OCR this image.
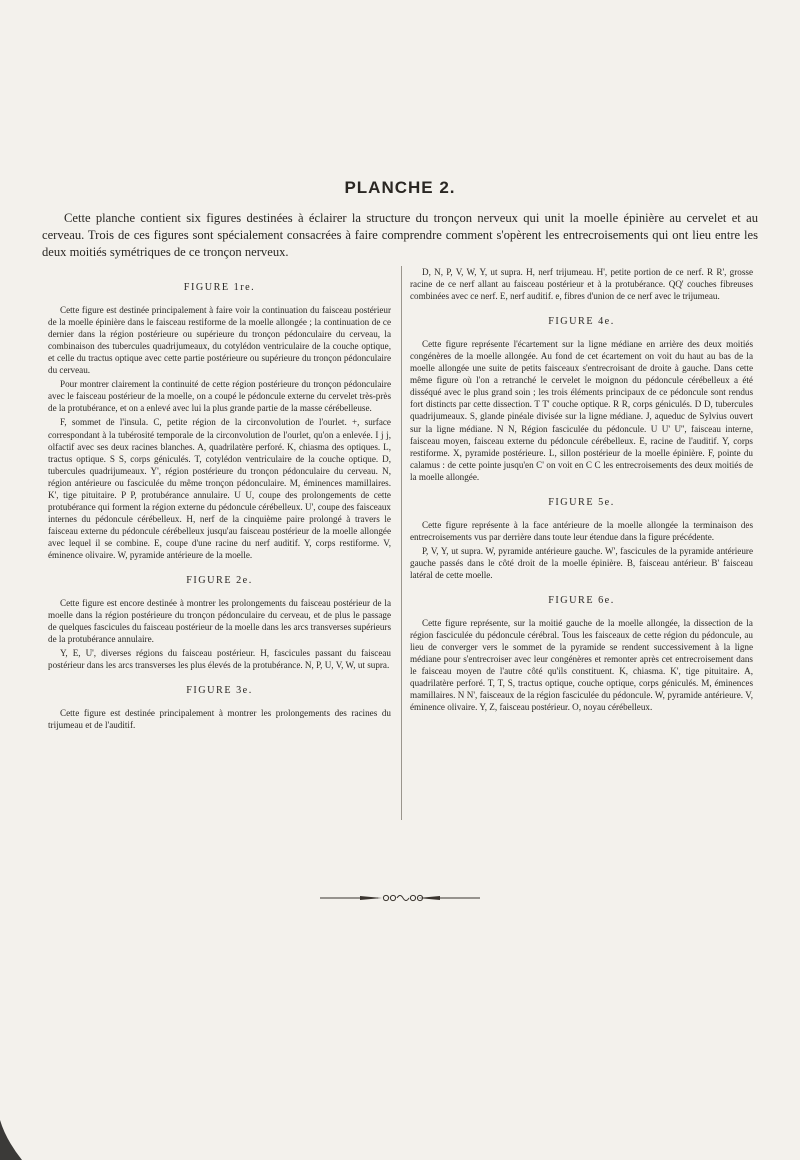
PLANCHE 2.
Cette planche contient six figures destinées à éclairer la structure du tronçon nerveux qui unit la moelle épinière au cervelet et au cerveau. Trois de ces figures sont spécialement consacrées à faire comprendre comment s'opèrent les entrecroisements qui ont lieu entre les deux moitiés symétriques de ce tronçon nerveux.
FIGURE 1re.

Cette figure est destinée principalement à faire voir la continuation du faisceau postérieur de la moelle épinière dans le faisceau restiforme de la moelle allongée ; la continuation de ce dernier dans la région postérieure ou supérieure du tronçon pédonculaire du cerveau, la combinaison des tubercules quadrijumeaux, du cotylédon ventriculaire de la couche optique, et celle du tractus optique avec cette partie postérieure ou supérieure du tronçon pédonculaire du cerveau.

Pour montrer clairement la continuité de cette région postérieure du tronçon pédonculaire avec le faisceau postérieur de la moelle, on a coupé le pédoncule externe du cervelet très-près de la protubérance, et on a enlevé avec lui la plus grande partie de la masse cérébelleuse.

F, sommet de l'insula. C, petite région de la circonvolution de l'ourlet. +, surface correspondant à la tubérosité temporale de la circonvolution de l'ourlet, qu'on a enlevée. I j j, olfactif avec ses deux racines blanches. A, quadrilatère perforé. K, chiasma des optiques. L, tractus optique. S S, corps géniculés. T, cotylédon ventriculaire de la couche optique. D, tubercules quadrijumeaux. Y', région postérieure du tronçon pédonculaire du cerveau. N, région antérieure ou fasciculée du même tronçon pédonculaire. M, éminences mamillaires. K', tige pituitaire. P P, protubérance annulaire. U U, coupe des prolongements de cette protubérance qui forment la région externe du pédoncule cérébelleux. U', coupe des faisceaux internes du pédoncule cérébelleux. H, nerf de la cinquième paire prolongé à travers le faisceau externe du pédoncule cérébelleux jusqu'au faisceau postérieur de la moelle allongée avec lequel il se combine. E, coupe d'une racine du nerf auditif. Y, corps restiforme. V, éminence olivaire. W, pyramide antérieure de la moelle.

FIGURE 2e.

Cette figure est encore destinée à montrer les prolongements du faisceau postérieur de la moelle dans la région postérieure du tronçon pédonculaire du cerveau, et de plus le passage de quelques fascicules du faisceau postérieur de la moelle dans les arcs transverses supérieurs de la protubérance annulaire.

Y, E, U', diverses régions du faisceau postérieur. H, fascicules passant du faisceau postérieur dans les arcs transverses les plus élevés de la protubérance. N, P, U, V, W, ut supra.

FIGURE 3e.

Cette figure est destinée principalement à montrer les prolongements des racines du trijumeau et de l'auditif.

D, N, P, V, W, Y, ut supra. H, nerf trijumeau. H', petite portion de ce nerf. R R', grosse racine de ce nerf allant au faisceau postérieur et à la protubérance. QQ' couches fibreuses combinées avec ce nerf. E, nerf auditif. e, fibres d'union de ce nerf avec le trijumeau.

FIGURE 4e.

Cette figure représente l'écartement sur la ligne médiane en arrière des deux moitiés congénères de la moelle allongée. Au fond de cet écartement on voit du haut au bas de la moelle allongée une suite de petits faisceaux s'entrecroisant de droite à gauche. Dans cette même figure où l'on a retranché le cervelet le moignon du pédoncule cérébelleux a été disséqué avec le plus grand soin ; les trois éléments principaux de ce pédoncule sont rendus fort distincts par cette dissection. T T' couche optique. R R, corps géniculés. D D, tubercules quadrijumeaux. S, glande pinéale divisée sur la ligne médiane. J, aqueduc de Sylvius ouvert sur la ligne médiane. N N, Région fasciculée du pédoncule. U U' U'', faisceau interne, faisceau moyen, faisceau externe du pédoncule cérébelleux. E, racine de l'auditif. Y, corps restiforme. X, pyramide postérieure. L, sillon postérieur de la moelle épinière. F, pointe du calamus : de cette pointe jusqu'en C' on voit en C C les entrecroisements des deux moitiés de la moelle allongée.

FIGURE 5e.

Cette figure représente à la face antérieure de la moelle allongée la terminaison des entrecroisements vus par derrière dans toute leur étendue dans la figure précédente.

P, V, Y, ut supra. W, pyramide antérieure gauche. W', fascicules de la pyramide antérieure gauche passés dans le côté droit de la moelle épinière. B, faisceau antérieur. B' faisceau latéral de cette moelle.

FIGURE 6e.

Cette figure représente, sur la moitié gauche de la moelle allongée, la dissection de la région fasciculée du pédoncule cérébral. Tous les faisceaux de cette région du pédoncule, au lieu de converger vers le sommet de la pyramide se rendent successivement à la ligne médiane pour s'entrecroiser avec leur congénères et remonter après cet entrecroisement dans le faisceau moyen de l'autre côté qu'ils constituent. K, chiasma. K', tige pituitaire. A, quadrilatère perforé. T, T, S, tractus optique, couche optique, corps géniculés. M, éminences mamillaires. N N', faisceaux de la région fasciculée du pédoncule. W, pyramide antérieure. V, éminence olivaire. Y, Z, faisceau postérieur. O, noyau cérébelleux.
